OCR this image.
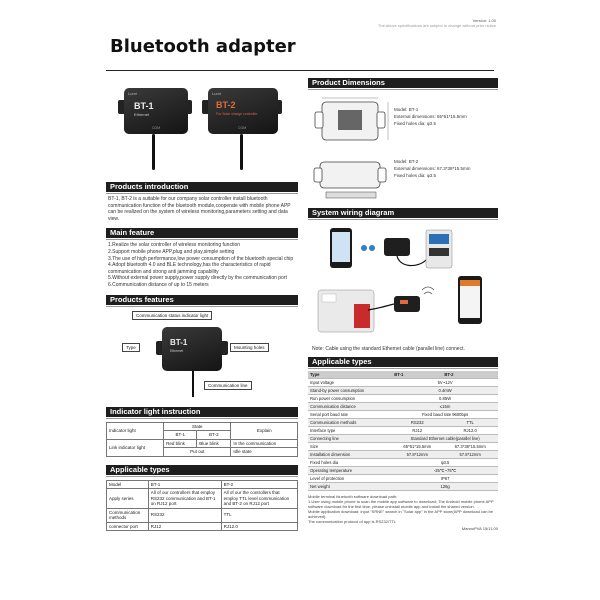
Version: 1.00
The above specifications are subject to change without prior notice
Bluetooth adapter
Lumi
BT-1
Ethernet
COM
Lumi
BT-2
For Solar charge controller
COM
Products introduction
BT-1, BT-2 is a suitable for our company solar controller install bluetooth communication function of the bluetooth module,cooperate with mobile phone APP can be realized on the system of wireless monitoring,parameters setting and data view.
Main feature
1.Realize the solar controller of wireless monitoring function
2.Support mobile phone APP,plug and play,simple setting
3.The use of high performance,low power consumption of the bluetooth special chip
4.Adopt bluetooth 4.0 and BLE technology,has the characteristics of rapid communication and strong anti jamming capability
5.Without external power supply,power supply directly by the communication port
6.Communication distance of up to 15 meters
Products features
Communication status indicator light
Type	Mounting holes
Communication line
BT-1
Ethernet
Indicator light instruction
Indicator light	State		Explain
	BT-1	BT-2	
Link indicator light	Red blink	Blue blink	In the communication
	Put out		Idle state
Applicable types
Model	BT-1	BT-2
Apply series	All of our controllers that employ RS232 communication and BT-1 on RJ12 port	All of our the controllers that employ TTL level communication and BT-2 on RJ12 port
Communication methods	RS232	TTL
connector port	RJ12	RJ12.0
Product Dimensions
Model: BT-1
External dimensions: 65*51*15.5mm
Fixed holes dia: φ3.5
Model: BT-2
External dimensions: 67.3*38*15.5mm
Fixed holes dia: φ3.5
System wiring diagram
Note: Cable using the standard Ethernet cable (parallel line) connect.
Applicable types
Type	BT-1	BT-2
Input voltage	5V~12V	
Stand-by power consumption	0.4mW	
Run power consumption	0.85W	
Communication distance	≤15m	
Serial port baud rate	Fixed baud rate 9600bps	
Communication methods	RS232	TTL
Interface type	RJ12	RJ12.0
Connecting line	Standard Ethernet cable(parallel line)	
Size	65*51*15.5mm	67.3*38*15.5mm
Installation dimension	57.8*12mm	57.8*12mm
Fixed holes dia	φ3.5	
Operating temperature	-25℃~75℃	
Level of protection	IP67	
Net weight	126g	
Mobile terminal bluetooth software download path:
1.User using mobile phone to scan the mobile app software to download; The Android mobile phone APP software download for the first time, please uninstall mobile app and install the shared version.
Mobile application download: input "SRNE" search in "Solar app" in the APP store(APP download can be achieved).
The communication protocol of app is RS232/TTL
MannoPVA 15/11.00
